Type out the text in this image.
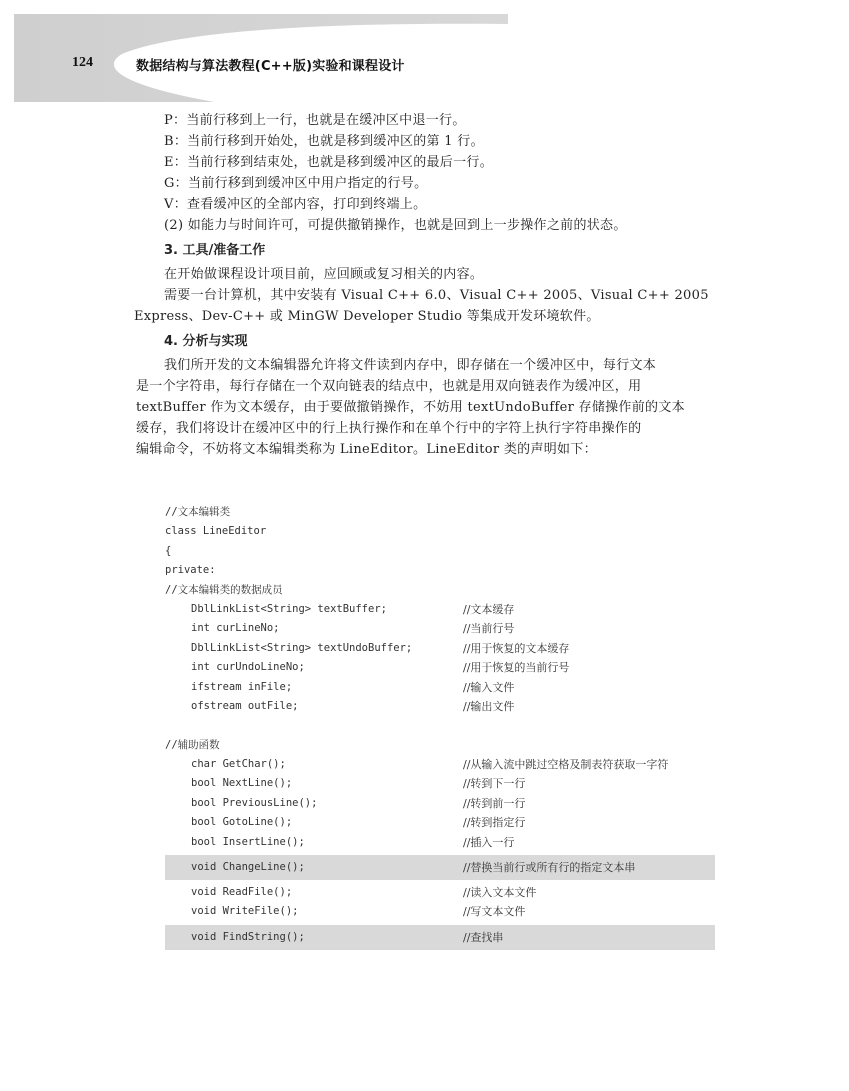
124	数据结构与算法教程(C++版)实验和课程设计
P：当前行移到上一行，也就是在缓冲区中退一行。
B：当前行移到开始处，也就是移到缓冲区的第 1 行。
E：当前行移到结束处，也就是移到缓冲区的最后一行。
G：当前行移到到缓冲区中用户指定的行号。
V：查看缓冲区的全部内容，打印到终端上。
(2) 如能力与时间许可，可提供撤销操作，也就是回到上一步操作之前的状态。
3. 工具/准备工作
在开始做课程设计项目前，应回顾或复习相关的内容。
需要一台计算机，其中安装有 Visual C++ 6.0、Visual C++ 2005、Visual C++ 2005
Express、Dev-C++ 或 MinGW Developer Studio 等集成开发环境软件。
4. 分析与实现

我们所开发的文本编辑器允许将文件读到内存中，即存储在一个缓冲区中，每行文本

是一个字符串，每行存储在一个双向链表的结点中，也就是用双向链表作为缓冲区，用

textBuffer 作为文本缓存，由于要做撤销操作，不妨用 textUndoBuffer 存储操作前的文本

缓存，我们将设计在缓冲区中的行上执行操作和在单个行中的字符上执行字符串操作的

编辑命令，不妨将文本编辑类称为 LineEditor。LineEditor 类的声明如下：

//文本编辑类
class LineEditor
{
private:
//文本编辑类的数据成员
DblLinkList<String> textBuffer;	//文本缓存
int curLineNo;	//当前行号
DblLinkList<String> textUndoBuffer;	//用于恢复的文本缓存
int curUndoLineNo;	//用于恢复的当前行号
ifstream inFile;	//输入文件
ofstream outFile;	//输出文件
//辅助函数
char GetChar();	//从输入流中跳过空格及制表符获取一字符
bool NextLine();	//转到下一行
bool PreviousLine();	//转到前一行
bool GotoLine();	//转到指定行
bool InsertLine();	//插入一行
void ChangeLine();	//替换当前行或所有行的指定文本串
void ReadFile();	//读入文本文件
void WriteFile();	//写文本文件
void FindString();	//查找串
